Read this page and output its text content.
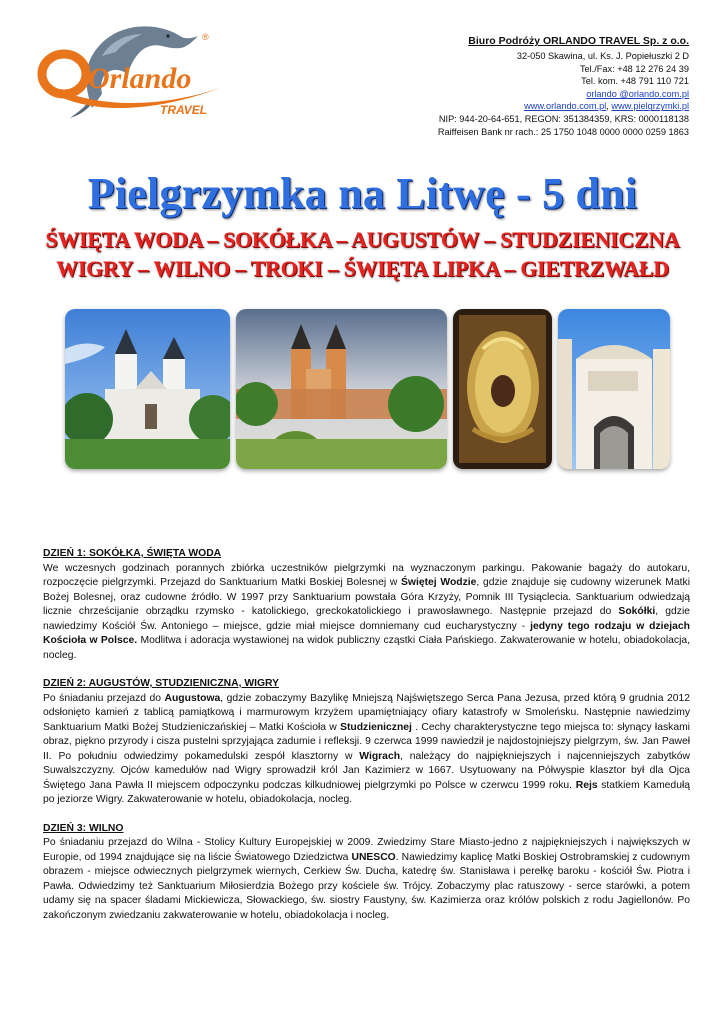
Orlando
TRAVEL
®	Biuro Podróży ORLANDO TRAVEL Sp. z o.o.
32-050 Skawina, ul. Ks. J. Popiełuszki 2 D
Tel./Fax: +48 12 276 24 39
Tel. kom. +48 791 110 721
orlando @orlando.com.pl
www.orlando.com.pl, www.pielgrzymki.pl
NIP: 944-20-64-651, REGON: 351384359, KRS: 0000118138
Raiffeisen Bank nr rach.: 25 1750 1048 0000 0000 0259 1863
Pielgrzymka na Litwę - 5 dni
ŚWIĘTA WODA – SOKÓŁKA – AUGUSTÓW – STUDZIENICZNA
WIGRY – WILNO – TROKI – ŚWIĘTA LIPKA – GIETRZWAŁD
DZIEŃ 1: SOKÓŁKA, ŚWIĘTA WODA

We wczesnych godzinach porannych zbiórka uczestników pielgrzymki na wyznaczonym parkingu. Pakowanie bagaży do autokaru, rozpoczęcie pielgrzymki. Przejazd do Sanktuarium Matki Boskiej Bolesnej w Świętej Wodzie, gdzie znajduje się cudowny wizerunek Matki Bożej Bolesnej, oraz cudowne źródło. W 1997 przy Sanktuarium powstała Góra Krzyży, Pomnik III Tysiąclecia. Sanktuarium odwiedzają licznie chrześcijanie obrządku rzymsko - katolickiego, greckokatolickiego i prawosławnego. Następnie przejazd do Sokółki, gdzie nawiedzimy Kościół Św. Antoniego – miejsce, gdzie miał miejsce domniemany cud eucharystyczny - jedyny tego rodzaju w dziejach Kościoła w Polsce. Modlitwa i adoracja wystawionej na widok publiczny cząstki Ciała Pańskiego. Zakwaterowanie w hotelu, obiadokolacja, nocleg.

DZIEŃ 2: AUGUSTÓW, STUDZIENICZNA, WIGRY

Po śniadaniu przejazd do Augustowa, gdzie zobaczymy Bazylikę Mniejszą Najświętszego Serca Pana Jezusa, przed którą 9 grudnia 2012 odsłonięto kamień z tablicą pamiątkową i marmurowym krzyżem upamiętniający ofiary katastrofy w Smoleńsku. Następnie nawiedzimy Sanktuarium Matki Bożej Studzieniczańskiej – Matki Kościoła w Studzienicznej . Cechy charakterystyczne tego miejsca to: słynący łaskami obraz, piękno przyrody i cisza pustelni sprzyjająca zadumie i refleksji. 9 czerwca 1999 nawiedził je najdostojniejszy pielgrzym, św. Jan Paweł II. Po południu odwiedzimy pokamedulski zespół klasztorny w Wigrach, należący do najpiękniejszych i najcenniejszych zabytków Suwalszczyzny. Ojców kamedułów nad Wigry sprowadził król Jan Kazimierz w 1667. Usytuowany na Półwyspie klasztor był dla Ojca Świętego Jana Pawła II miejscem odpoczynku podczas kilkudniowej pielgrzymki po Polsce w czerwcu 1999 roku. Rejs statkiem Kamedułą po jeziorze Wigry. Zakwaterowanie w hotelu, obiadokolacja, nocleg.

DZIEŃ 3: WILNO

Po śniadaniu przejazd do Wilna - Stolicy Kultury Europejskiej w 2009. Zwiedzimy Stare Miasto-jedno z najpiękniejszych i największych w Europie, od 1994 znajdujące się na liście Światowego Dziedzictwa UNESCO. Nawiedzimy kaplicę Matki Boskiej Ostrobramskiej z cudownym obrazem - miejsce odwiecznych pielgrzymek wiernych, Cerkiew Św. Ducha, katedrę św. Stanisława i perełkę baroku - kościół Św. Piotra i Pawła. Odwiedzimy też Sanktuarium Miłosierdzia Bożego przy kościele św. Trójcy. Zobaczymy plac ratuszowy - serce starówki, a potem udamy się na spacer śladami Mickiewicza, Słowackiego, św. siostry Faustyny, św. Kazimierza oraz królów polskich z rodu Jagiellonów. Po zakończonym zwiedzaniu zakwaterowanie w hotelu, obiadokolacja i nocleg.
